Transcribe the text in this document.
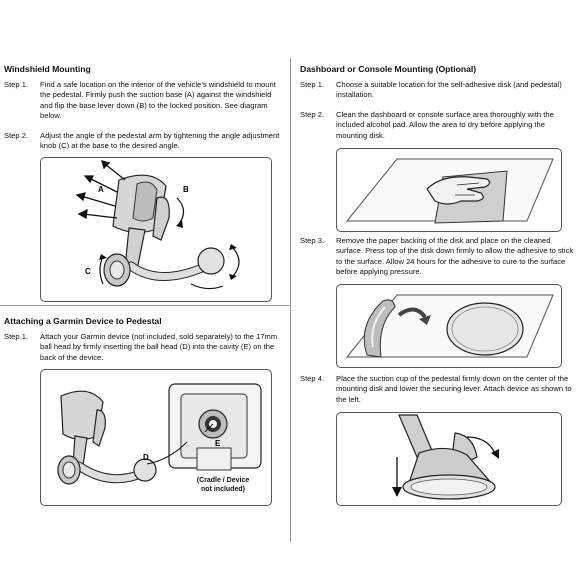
Windshield Mounting
Step 1. Find a safe location on the interior of the vehicle’s windshield to mount the pedestal. Firmly push the suction base (A) against the windshield and flip the base lever down (B) to the locked position. See diagram below.
Step 2. Adjust the angle of the pedestal arm by tightening the angle adjustment knob (C) at the base to the desired angle.
A	B
C
Attaching a Garmin Device to Pedestal
Step 1. Attach your Garmin device (not included, sold separately) to the 17mm ball head by firmly inserting the ball head (D) into the cavity (E) on the back of the device.
D
E
(Cradle / Device
not included)
Dashboard or Console Mounting (Optional)
Step 1. Choose a suitable location for the self-adhesive disk (and pedestal) installation.
Step 2. Clean the dashboard or console surface area thoroughly with the included alcohol pad. Allow the area to dry before applying the mounting disk.
Step 3. Remove the paper backing of the disk and place on the cleaned surface. Press top of the disk down firmly to allow the adhesive to stick to the surface. Allow 24 hours for the adhesive to cure to the surface before applying pressure.
Step 4. Place the suction cup of the pedestal firmly down on the center of the mounting disk and lower the securing lever. Attach device as shown to the left.
